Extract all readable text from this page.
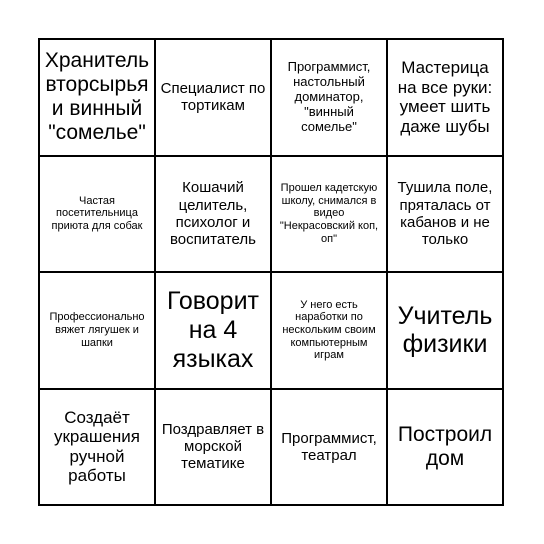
Хранитель вторсырья и винный "сомелье"
Специалист по тортикам
Программист, настольный доминатор, "винный сомелье"
Мастерица на все руки: умеет шить даже шубы
Частая посетительница приюта для собак
Кошачий целитель, психолог и воспитатель
Прошел кадетскую школу, снимался в видео "Некрасовский коп, оп"
Тушила поле, пряталась от кабанов и не только
Профессионально вяжет лягушек и шапки
Говорит на 4 языках
У него есть наработки по нескольким своим компьютерным играм
Учитель физики
Создаёт украшения ручной работы
Поздравляет в морской тематике
Программист, театрал
Построил дом
